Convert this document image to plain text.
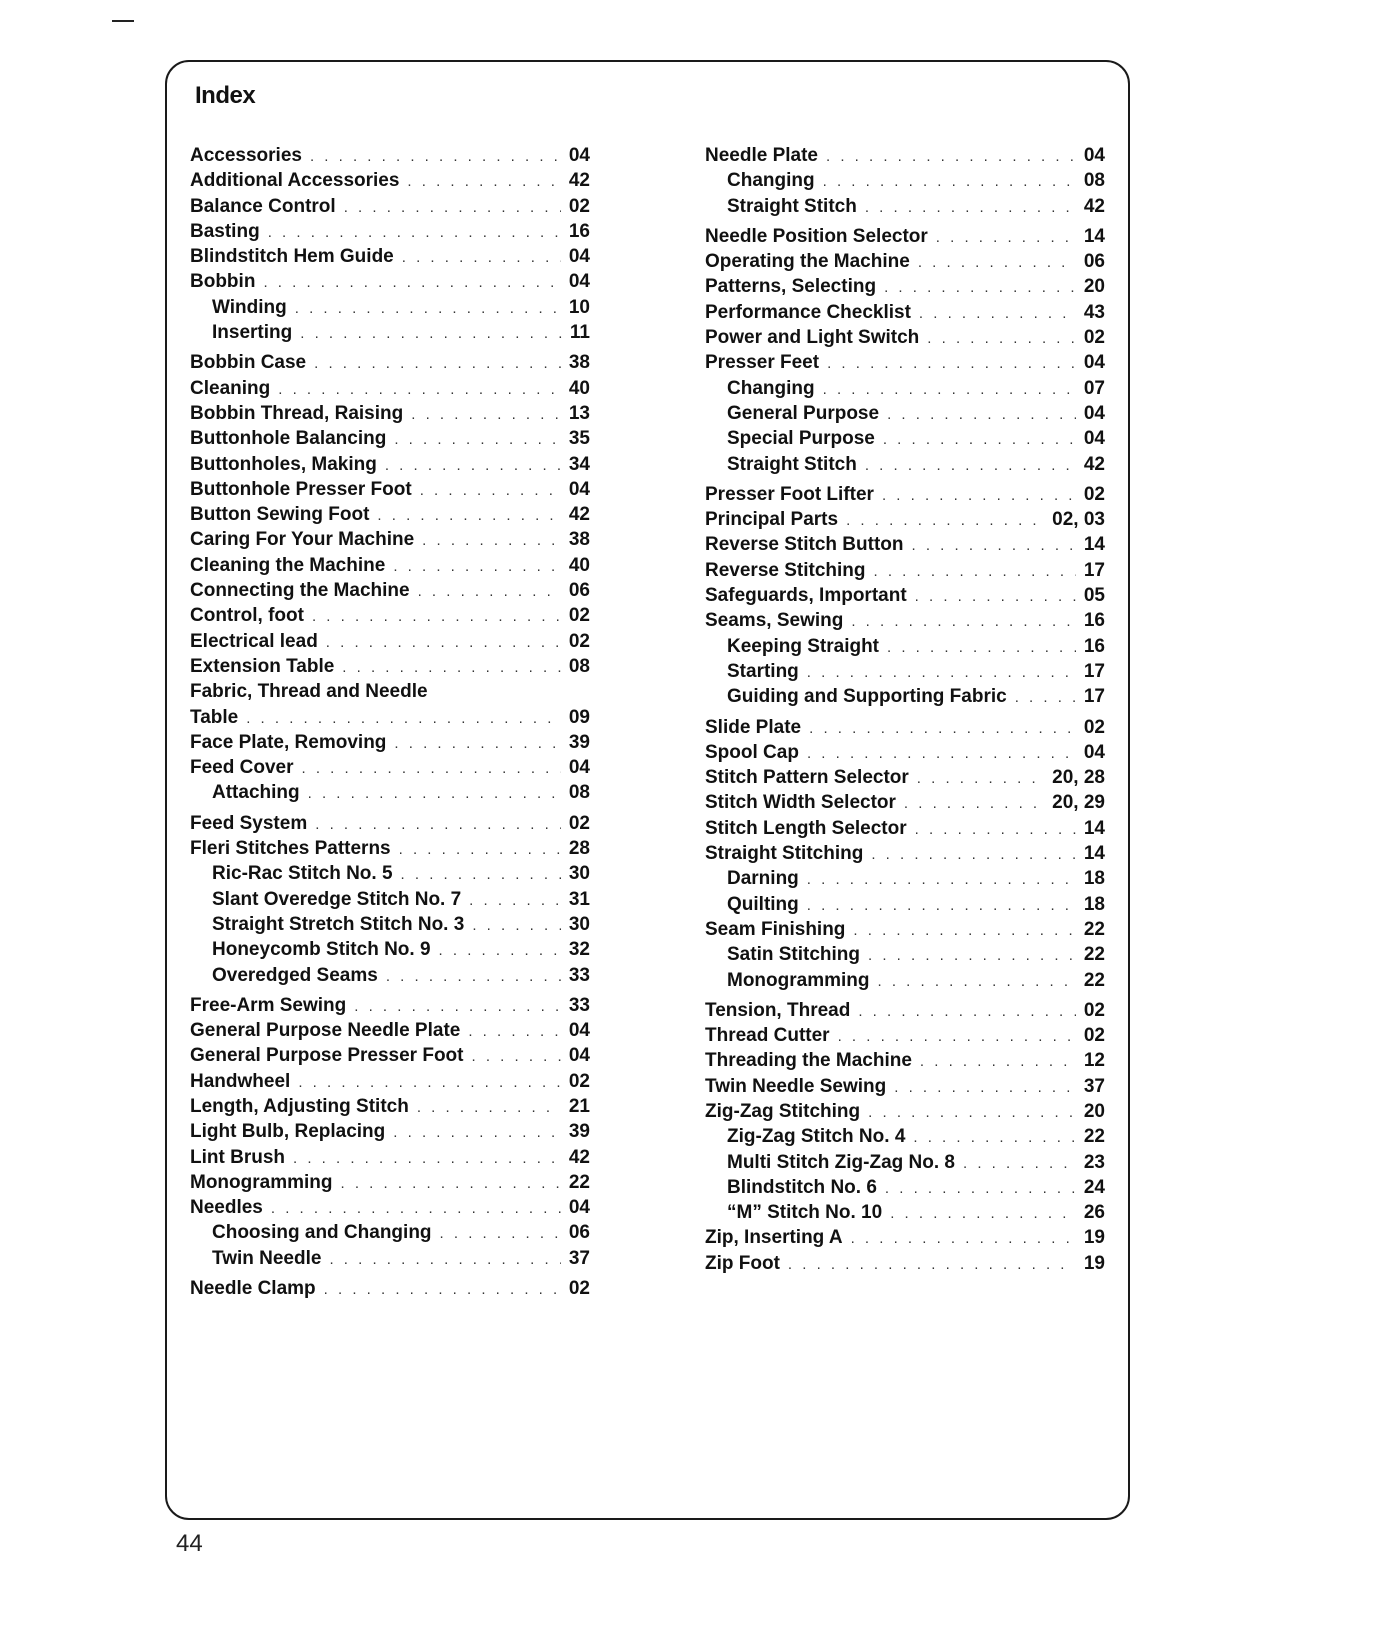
Index
Accessories . . .	04
Additional Accessories . . .	42
Balance Control . . .	02
Basting . . .	16
Blindstitch Hem Guide . . .	04
Bobbin . . .	04
Winding . . .	10
Inserting . . .	11
Bobbin Case . . .	38
Cleaning . . .	40
Bobbin Thread, Raising . . .	13
Buttonhole Balancing . . .	35
Buttonholes, Making . . .	34
Buttonhole Presser Foot . . .	04
Button Sewing Foot . . .	42
Caring For Your Machine . . .	38
Cleaning the Machine . . .	40
Connecting the Machine . . .	06
Control, foot . . .	02
Electrical lead . . .	02
Extension Table . . .	08
Fabric, Thread and Needle
Table . . .	09
Face Plate, Removing . . .	39
Feed Cover . . .	04
Attaching . . .	08
Feed System . . .	02
Fleri Stitches Patterns . . .	28
Ric-Rac Stitch No. 5 . . .	30
Slant Overedge Stitch No. 7 . . .	31
Straight Stretch Stitch No. 3 . . .	30
Honeycomb Stitch No. 9 . . .	32
Overedged Seams . . .	33
Free-Arm Sewing . . .	33
General Purpose Needle Plate . . .	04
General Purpose Presser Foot . . .	04
Handwheel . . .	02
Length, Adjusting Stitch . . .	21
Light Bulb, Replacing . . .	39
Lint Brush . . .	42
Monogramming . . .	22
Needles . . .	04
Choosing and Changing . . .	06
Twin Needle . . .	37
Needle Clamp . . .	02
Needle Plate . . .	04
Changing . . .	08
Straight Stitch . . .	42
Needle Position Selector . . .	14
Operating the Machine . . .	06
Patterns, Selecting . . .	20
Performance Checklist . . .	43
Power and Light Switch . . .	02
Presser Feet . . .	04
Changing . . .	07
General Purpose . . .	04
Special Purpose . . .	04
Straight Stitch . . .	42
Presser Foot Lifter . . .	02
Principal Parts . . .	02, 03
Reverse Stitch Button . . .	14
Reverse Stitching . . .	17
Safeguards, Important . . .	05
Seams, Sewing . . .	16
Keeping Straight . . .	16
Starting . . .	17
Guiding and Supporting Fabric . . .	17
Slide Plate . . .	02
Spool Cap . . .	04
Stitch Pattern Selector . . .	20, 28
Stitch Width Selector . . .	20, 29
Stitch Length Selector . . .	14
Straight Stitching . . .	14
Darning . . .	18
Quilting . . .	18
Seam Finishing . . .	22
Satin Stitching . . .	22
Monogramming . . .	22
Tension, Thread . . .	02
Thread Cutter . . .	02
Threading the Machine . . .	12
Twin Needle Sewing . . .	37
Zig-Zag Stitching . . .	20
Zig-Zag Stitch No. 4 . . .	22
Multi Stitch Zig-Zag No. 8 . . .	23
Blindstitch No. 6 . . .	24
“M” Stitch No. 10 . . .	26
Zip, Inserting A . . .	19
Zip Foot . . .	19
44
